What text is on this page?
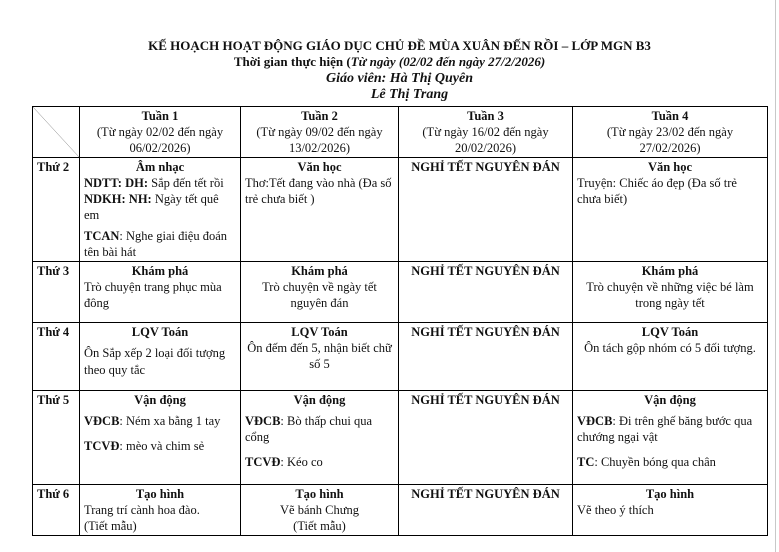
KẾ HOẠCH HOẠT ĐỘNG GIÁO DỤC CHỦ ĐỀ MÙA XUÂN ĐẾN RỒI – LỚP MGN B3
Thời gian thực hiện (Từ ngày (02/02 đến ngày 27/2/2026)
Giáo viên: Hà Thị Quyên
Lê Thị Trang

Tuần 1
(Từ ngày 02/02 đến ngày 06/02/2026)	Tuần 2
(Từ ngày 09/02 đến ngày 13/02/2026)	Tuần 3
(Từ ngày 16/02 đến ngày 20/02/2026)	Tuần 4
(Từ ngày 23/02 đến ngày 27/02/2026)
Thứ 2	Âm nhạc
NDTT: DH: Sắp đến tết rồi
NDKH: NH: Ngày tết quê em
TCAN: Nghe giai điệu đoán tên bài hát	Văn học
Thơ:Tết đang vào nhà (Đa số trẻ chưa biết )	NGHỈ TẾT NGUYÊN ĐÁN	Văn học
Truyện: Chiếc áo đẹp (Đa số trẻ chưa biết)

Thứ 3	Khám phá
Trò chuyện trang phục mùa đông	Khám phá
Trò chuyện về ngày tết nguyên đán	NGHỈ TẾT NGUYÊN ĐÁN	Khám phá
Trò chuyện về những việc bé làm trong ngày tết

Thứ 4	LQV Toán
Ôn Sắp xếp 2 loại đối tượng theo quy tắc	LQV Toán
Ôn đếm đến 5, nhận biết chữ số 5	NGHỈ TẾT NGUYÊN ĐÁN	LQV Toán
Ôn tách gộp nhóm có 5 đối tượng.

Thứ 5	Vận động
VĐCB: Ném xa bằng 1 tay
TCVĐ: mèo và chim sẻ	Vận động
VĐCB: Bò thấp chui qua cổng
TCVĐ: Kéo co	NGHỈ TẾT NGUYÊN ĐÁN	Vận động
VĐCB: Đi trên ghế băng bước qua chướng ngại vật
TC: Chuyền bóng qua chân

Thứ 6	Tạo hình
Trang trí cành hoa đào.
(Tiết mẫu)	Tạo hình
Vẽ bánh Chưng
(Tiết mẫu)	NGHỈ TẾT NGUYÊN ĐÁN	Tạo hình
Vẽ theo ý thích
